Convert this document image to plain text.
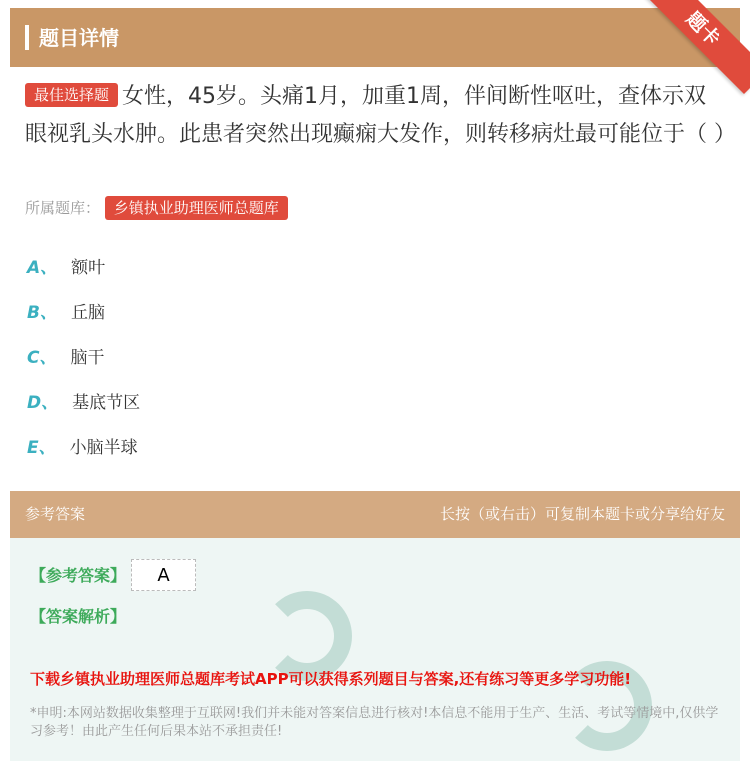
题目详情	题卡
最佳选择题 女性，45岁。头痛1月，加重1周，伴间断性呕吐，查体示双眼视乳头水肿。此患者突然出现癫痫大发作，则转移病灶最可能位于（ ）
所属题库： 乡镇执业助理医师总题库
A、 额叶
B、 丘脑
C、 脑干
D、 基底节区
E、 小脑半球
参考答案	长按（或右击）可复制本题卡或分享给好友
【参考答案】	A
【答案解析】
下载乡镇执业助理医师总题库考试APP可以获得系列题目与答案,还有练习等更多学习功能!
*申明:本网站数据收集整理于互联网!我们并未能对答案信息进行核对!本信息不能用于生产、生活、考试等情境中,仅供学习参考！由此产生任何后果本站不承担责任!
